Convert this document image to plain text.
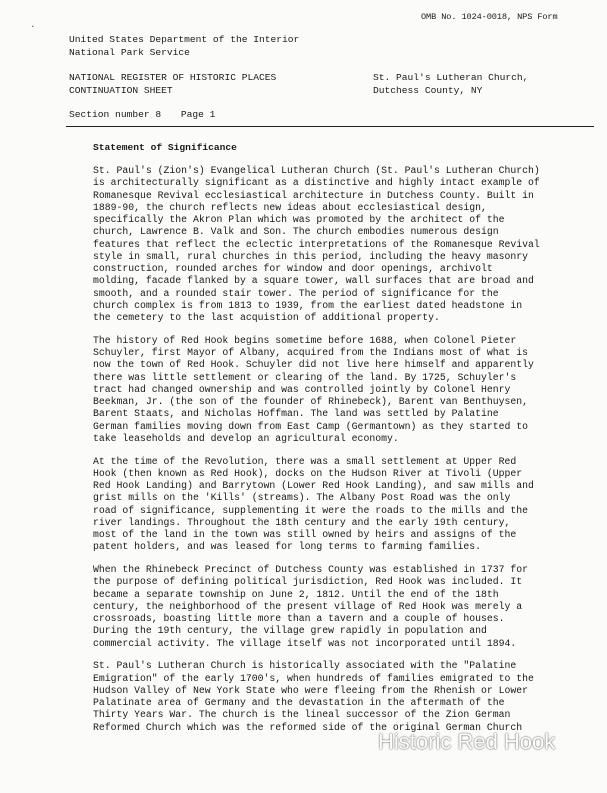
.
OMB No. 1024-0018, NPS Form
United States Department of the Interior
National Park Service
NATIONAL REGISTER OF HISTORIC PLACES
CONTINUATION SHEET
St. Paul's Lutheran Church,
Dutchess County, NY
Section number 8 Page 1
Statement of Significance
St. Paul's (Zion's) Evangelical Lutheran Church (St. Paul's Lutheran Church)
is architecturally significant as a distinctive and highly intact example of
Romanesque Revival ecclesiastical architecture in Dutchess County. Built in
1889-90, the church reflects new ideas about ecclesiastical design,
specifically the Akron Plan which was promoted by the architect of the
church, Lawrence B. Valk and Son. The church embodies numerous design
features that reflect the eclectic interpretations of the Romanesque Revival
style in small, rural churches in this period, including the heavy masonry
construction, rounded arches for window and door openings, archivolt
molding, facade flanked by a square tower, wall surfaces that are broad and
smooth, and a rounded stair tower. The period of significance for the
church complex is from 1813 to 1939, from the earliest dated headstone in
the cemetery to the last acquistion of additional property.
The history of Red Hook begins sometime before 1688, when Colonel Pieter
Schuyler, first Mayor of Albany, acquired from the Indians most of what is
now the town of Red Hook. Schuyler did not live here himself and apparently
there was little settlement or clearing of the land. By 1725, Schuyler's
tract had changed ownership and was controlled jointly by Colonel Henry
Beekman, Jr. (the son of the founder of Rhinebeck), Barent van Benthuysen,
Barent Staats, and Nicholas Hoffman. The land was settled by Palatine
German families moving down from East Camp (Germantown) as they started to
take leaseholds and develop an agricultural economy.
At the time of the Revolution, there was a small settlement at Upper Red
Hook (then known as Red Hook), docks on the Hudson River at Tivoli (Upper
Red Hook Landing) and Barrytown (Lower Red Hook Landing), and saw mills and
grist mills on the 'Kills' (streams). The Albany Post Road was the only
road of significance, supplementing it were the roads to the mills and the
river landings. Throughout the 18th century and the early 19th century,
most of the land in the town was still owned by heirs and assigns of the
patent holders, and was leased for long terms to farming families.
When the Rhinebeck Precinct of Dutchess County was established in 1737 for
the purpose of defining political jurisdiction, Red Hook was included. It
became a separate township on June 2, 1812. Until the end of the 18th
century, the neighborhood of the present village of Red Hook was merely a
crossroads, boasting little more than a tavern and a couple of houses.
During the 19th century, the village grew rapidly in population and
commercial activity. The village itself was not incorporated until 1894.
St. Paul's Lutheran Church is historically associated with the "Palatine
Emigration" of the early 1700's, when hundreds of families emigrated to the
Hudson Valley of New York State who were fleeing from the Rhenish or Lower
Palatinate area of Germany and the devastation in the aftermath of the
Thirty Years War. The church is the lineal successor of the Zion German
Reformed Church which was the reformed side of the original German Church
Historic Red Hook
